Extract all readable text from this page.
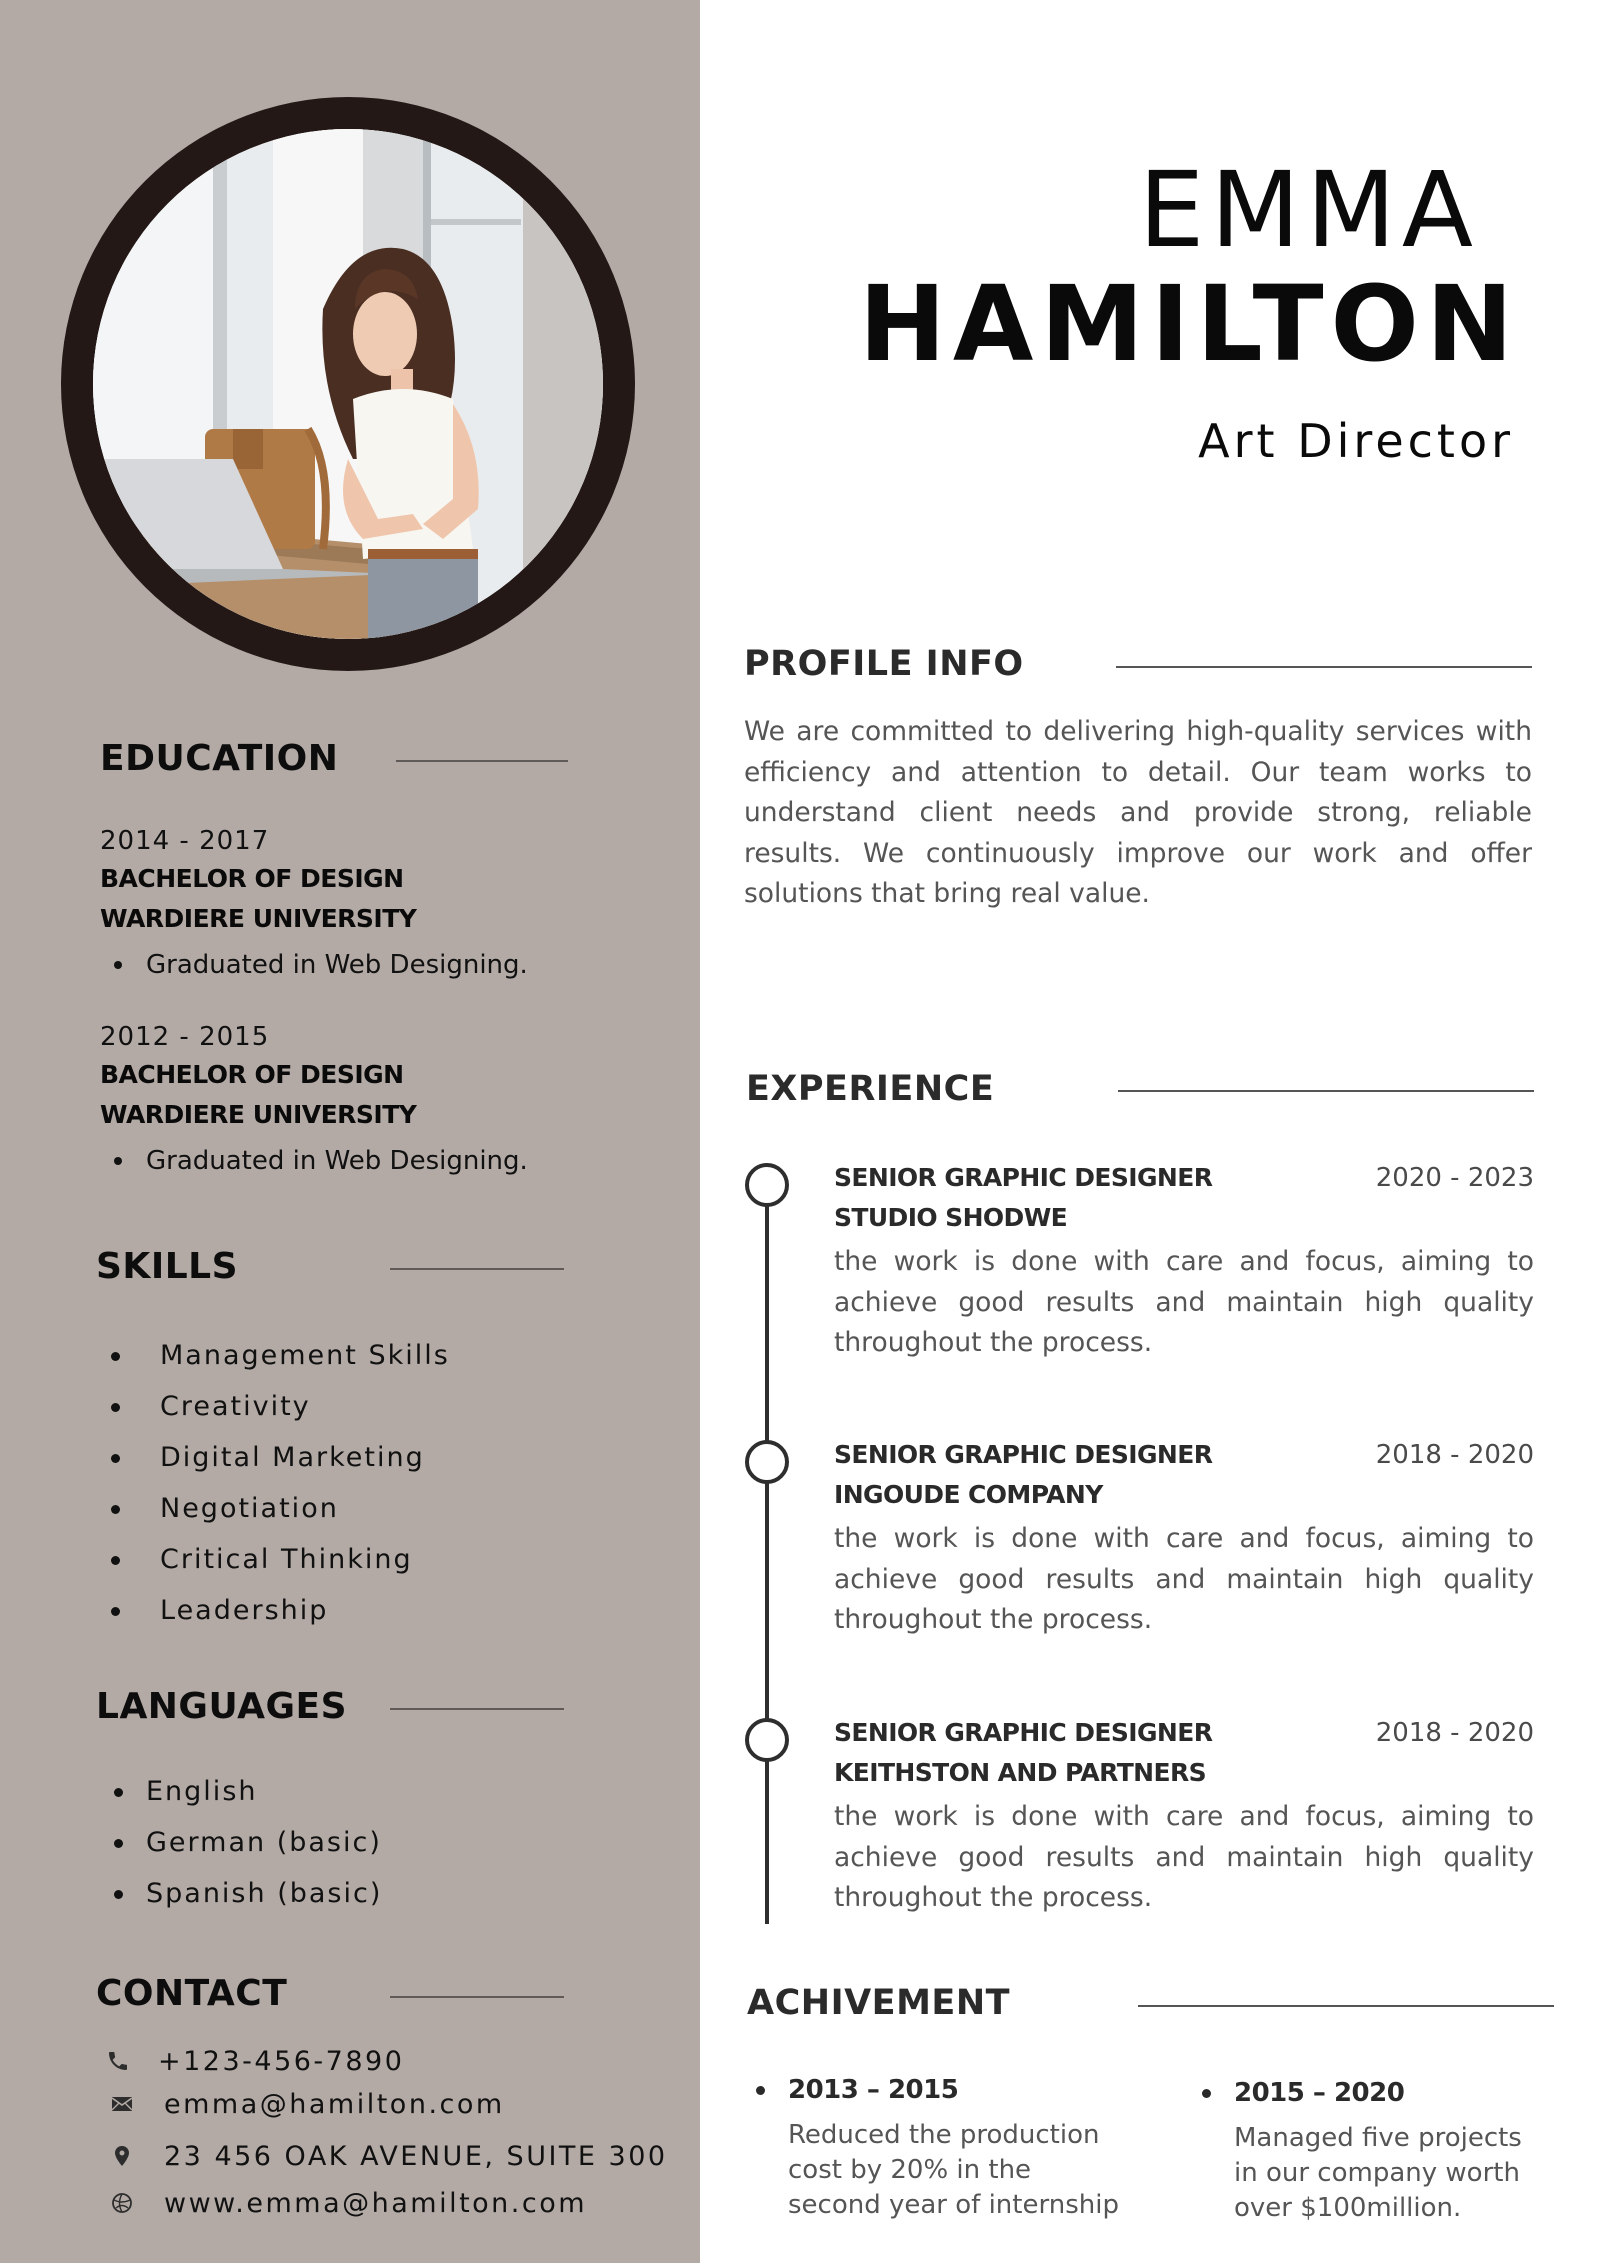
EDUCATION
2014 - 2017
BACHELOR OF DESIGN
WARDIERE UNIVERSITY
Graduated in Web Designing.
2012 - 2015
BACHELOR OF DESIGN
WARDIERE UNIVERSITY
Graduated in Web Designing.
SKILLS
Management Skills
Creativity
Digital Marketing
Negotiation
Critical Thinking
Leadership
LANGUAGES
English
German (basic)
Spanish (basic)
CONTACT
+123-456-7890
emma@hamilton.com
23 456 OAK AVENUE, SUITE 300
www.emma@hamilton.com
EMMA
HAMILTON
Art Director
PROFILE INFO

We are committed to delivering high-quality services with efficiency and attention to detail. Our team works to understand client needs and provide strong, reliable results. We continuously improve our work and offer solutions that bring real value.

EXPERIENCE
SENIOR GRAPHIC DESIGNER	2020 - 2023
STUDIO SHODWE

the work is done with care and focus, aiming to achieve good results and maintain high quality throughout the process.

SENIOR GRAPHIC DESIGNER	2018 - 2020
INGOUDE COMPANY

the work is done with care and focus, aiming to achieve good results and maintain high quality throughout the process.

SENIOR GRAPHIC DESIGNER	2018 - 2020
KEITHSTON AND PARTNERS

the work is done with care and focus, aiming to achieve good results and maintain high quality throughout the process.

ACHIVEMENT
2013 – 2015
Reduced the production cost by 20% in the second year of internship
2015 – 2020
Managed five projects in our company worth over $100million.
